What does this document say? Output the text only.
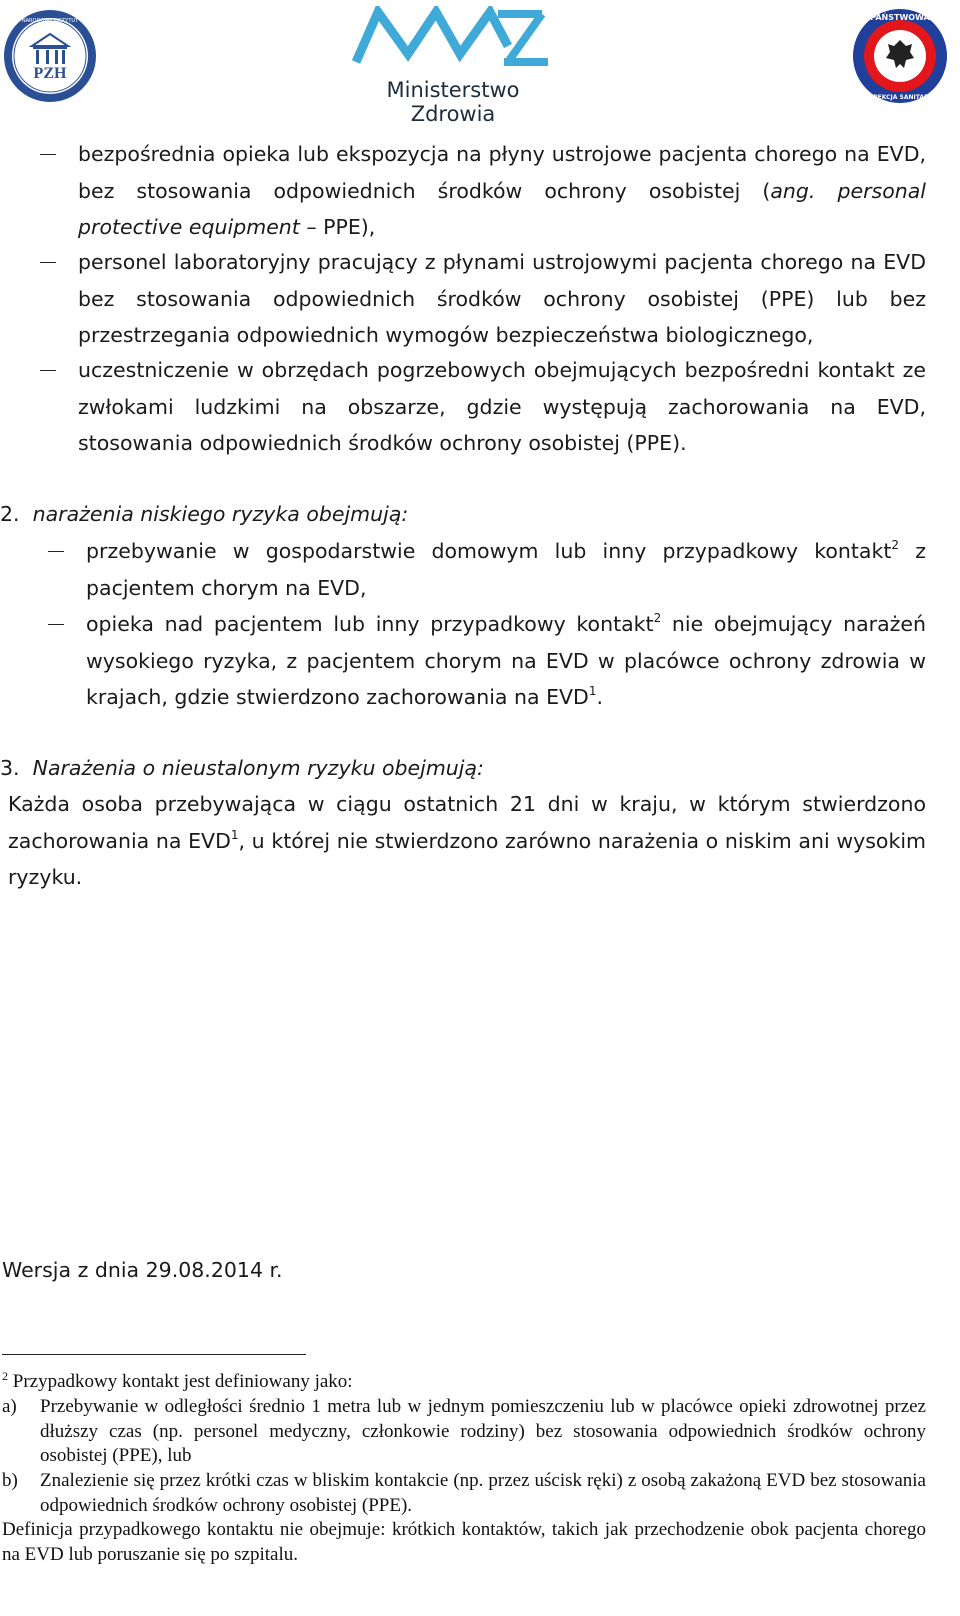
PZH
NARODOWY INSTYTUT
Ministerstwo Zdrowia
PAŃSTWOWA
INSPEKCJA SANITARNA
bezpośrednia opieka lub ekspozycja na płyny ustrojowe pacjenta chorego na EVD, bez stosowania odpowiednich środków ochrony osobistej (ang. personal protective equipment – PPE),
personel laboratoryjny pracujący z płynami ustrojowymi pacjenta chorego na EVD bez stosowania odpowiednich środków ochrony osobistej (PPE) lub bez przestrzegania odpowiednich wymogów bezpieczeństwa biologicznego,
uczestniczenie w obrzędach pogrzebowych obejmujących bezpośredni kontakt ze zwłokami ludzkimi na obszarze, gdzie występują zachorowania na EVD, stosowania odpowiednich środków ochrony osobistej (PPE).
2. narażenia niskiego ryzyka obejmują:
przebywanie w gospodarstwie domowym lub inny przypadkowy kontakt$^2$ z pacjentem chorym na EVD,
opieka nad pacjentem lub inny przypadkowy kontakt$^2$ nie obejmujący narażeń wysokiego ryzyka, z pacjentem chorym na EVD w placówce ochrony zdrowia w krajach, gdzie stwierdzono zachorowania na EVD$^1$.
3. Narażenia o nieustalonym ryzyku obejmują:
Każda osoba przebywająca w ciągu ostatnich 21 dni w kraju, w którym stwierdzono zachorowania na EVD$^1$, u której nie stwierdzono zarówno narażenia o niskim ani wysokim ryzyku.
Wersja z dnia 29.08.2014 r.
$^2$ Przypadkowy kontakt jest definiowany jako:
a)	Przebywanie w odległości średnio 1 metra lub w jednym pomieszczeniu lub w placówce opieki zdrowotnej przez dłuższy czas (np. personel medyczny, członkowie rodziny) bez stosowania odpowiednich środków ochrony osobistej (PPE), lub
b)	Znalezienie się przez krótki czas w bliskim kontakcie (np. przez uścisk ręki) z osobą zakażoną EVD bez stosowania odpowiednich środków ochrony osobistej (PPE).
Definicja przypadkowego kontaktu nie obejmuje: krótkich kontaktów, takich jak przechodzenie obok pacjenta chorego na EVD lub poruszanie się po szpitalu.
